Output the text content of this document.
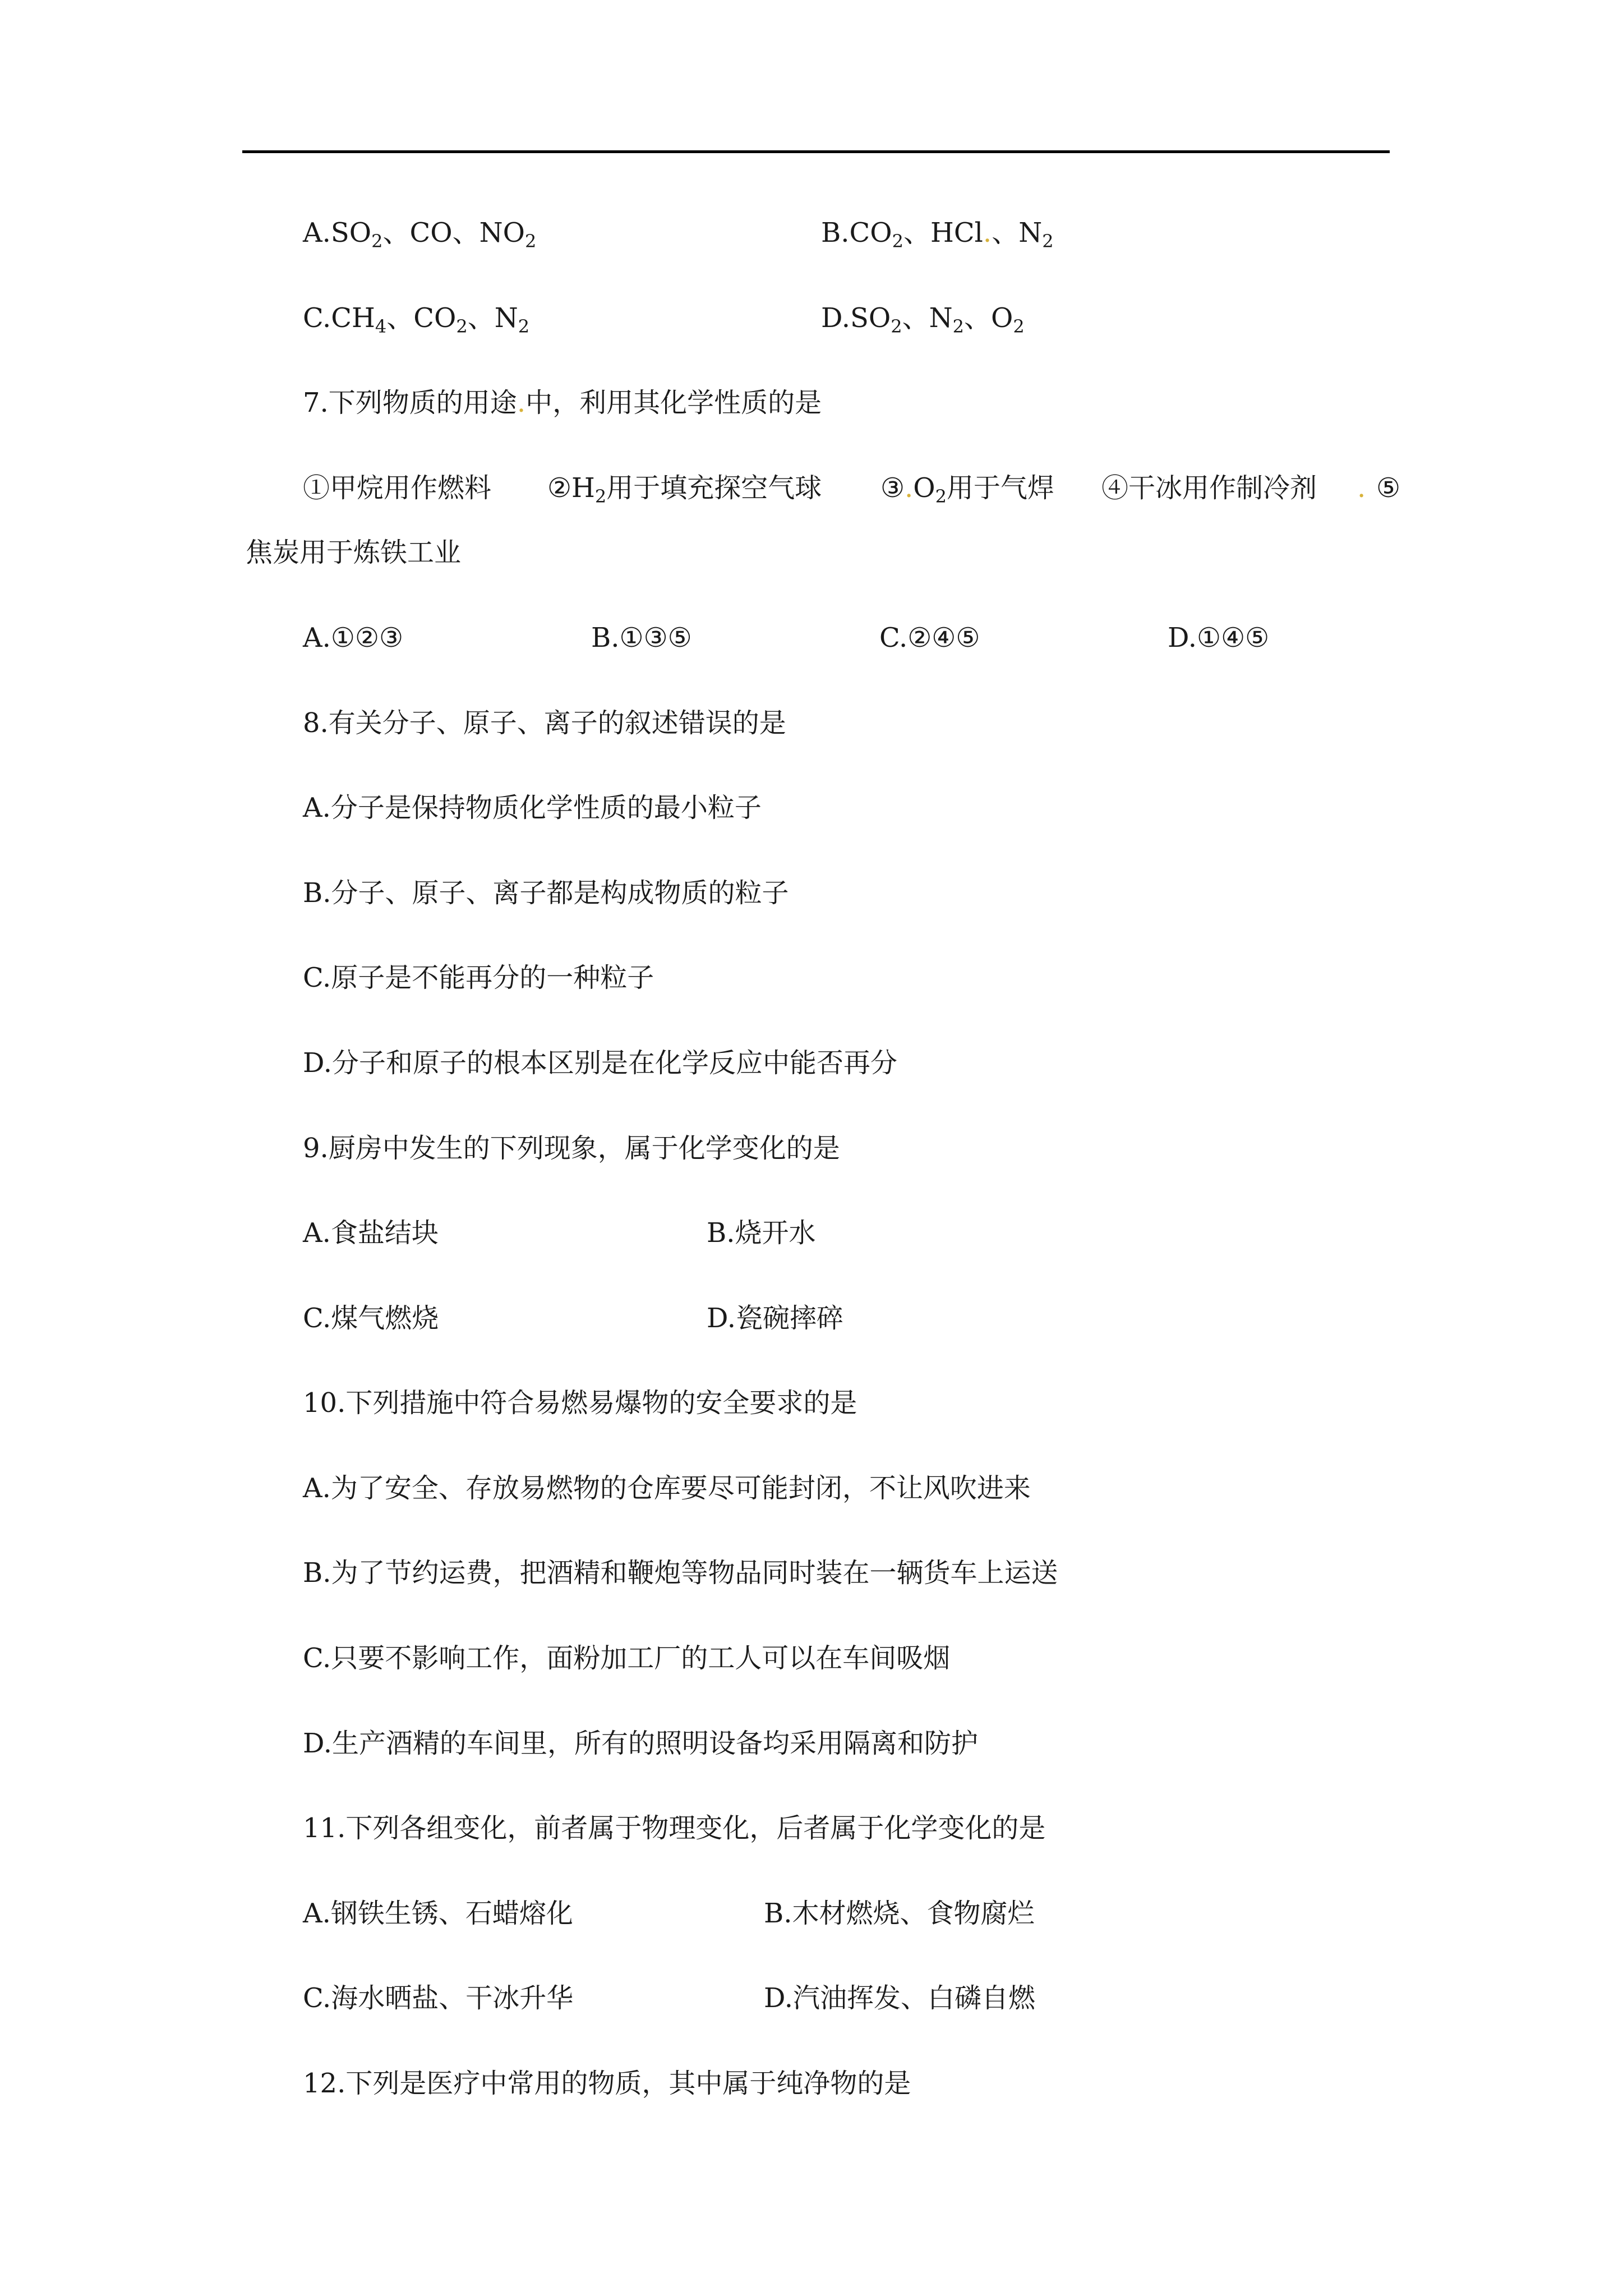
$A.SO_2$、CO、$NO_2$	$B.CO_2$、HCl.、$N_2$
$C.CH_4$、$CO_2$、$N_2$	$D.SO_2$、$N_2$、$O_2$
7.下列物质的用途.中，利用其化学性质的是
①甲烷用作燃料 $②H_2$用于填充探空气球 $③.O_2$用于气焊 ④干冰用作制冷剂 . ⑤
焦炭用于炼铁工业
A.①②③	B.①③⑤	C.②④⑤	D.①④⑤
8.有关分子、原子、离子的叙述错误的是
A.分子是保持物质化学性质的最小粒子
B.分子、原子、离子都是构成物质的粒子
C.原子是不能再分的一种粒子
D.分子和原子的根本区别是在化学反应中能否再分
9.厨房中发生的下列现象，属于化学变化的是
A.食盐结块	B.烧开水
C.煤气燃烧	D.瓷碗摔碎
10.下列措施中符合易燃易爆物的安全要求的是
A.为了安全、存放易燃物的仓库要尽可能封闭，不让风吹进来
B.为了节约运费，把酒精和鞭炮等物品同时装在一辆货车上运送
C.只要不影响工作，面粉加工厂的工人可以在车间吸烟
D.生产酒精的车间里，所有的照明设备均采用隔离和防护
11.下列各组变化，前者属于物理变化，后者属于化学变化的是
A.钢铁生锈、石蜡熔化	B.木材燃烧、食物腐烂
C.海水晒盐、干冰升华	D.汽油挥发、白磷自燃
12.下列是医疗中常用的物质，其中属于纯净物的是
